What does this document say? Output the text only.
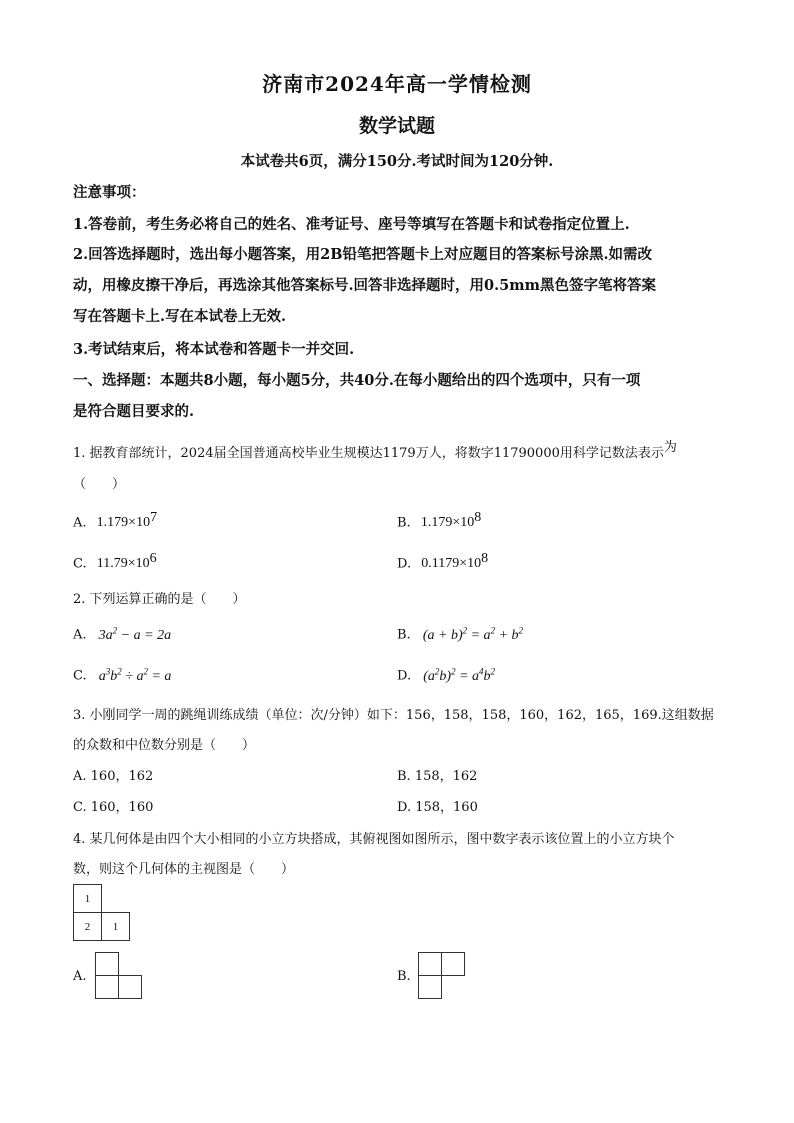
济南市2024年高一学情检测
数学试题
本试卷共6页，满分150分.考试时间为120分钟.
注意事项：
1.答卷前，考生务必将自己的姓名、准考证号、座号等填写在答题卡和试卷指定位置上.
2.回答选择题时，选出每小题答案，用2B铅笔把答题卡上对应题目的答案标号涂黑.如需改
动，用橡皮擦干净后，再选涂其他答案标号.回答非选择题时，用0.5mm黑色签字笔将答案
写在答题卡上.写在本试卷上无效.
3.考试结束后，将本试卷和答题卡一并交回.
一、选择题：本题共8小题，每小题5分，共40分.在每小题给出的四个选项中，只有一项
是符合题目要求的.
1. 据教育部统计，2024届全国普通高校毕业生规模达1179万人，将数字11790000用科学记数法表示为
（　　）
A. $1.179\times 10^7$	B. $1.179\times 10^8$
C. $11.79\times 10^6$	D. $0.1179\times 10^8$
2. 下列运算正确的是（　　）
A. $3a^2 - a = 2a$	B. $(a + b)^2 = a^2 + b^2$
C. $a^3b^2 \div a^2 = a$	D. $(a^2b)^2 = a^4b^2$
3. 小刚同学一周的跳绳训练成绩（单位：次/分钟）如下：156，158，158，160，162，165，169.这组数据
的众数和中位数分别是（　　）
A. 160，162	B. 158，162
C. 160，160	D. 158，160
4. 某几何体是由四个大小相同的小立方块搭成，其俯视图如图所示，图中数字表示该位置上的小立方块个
数，则这个几何体的主视图是（　　）
1
2	1
A.	B.
